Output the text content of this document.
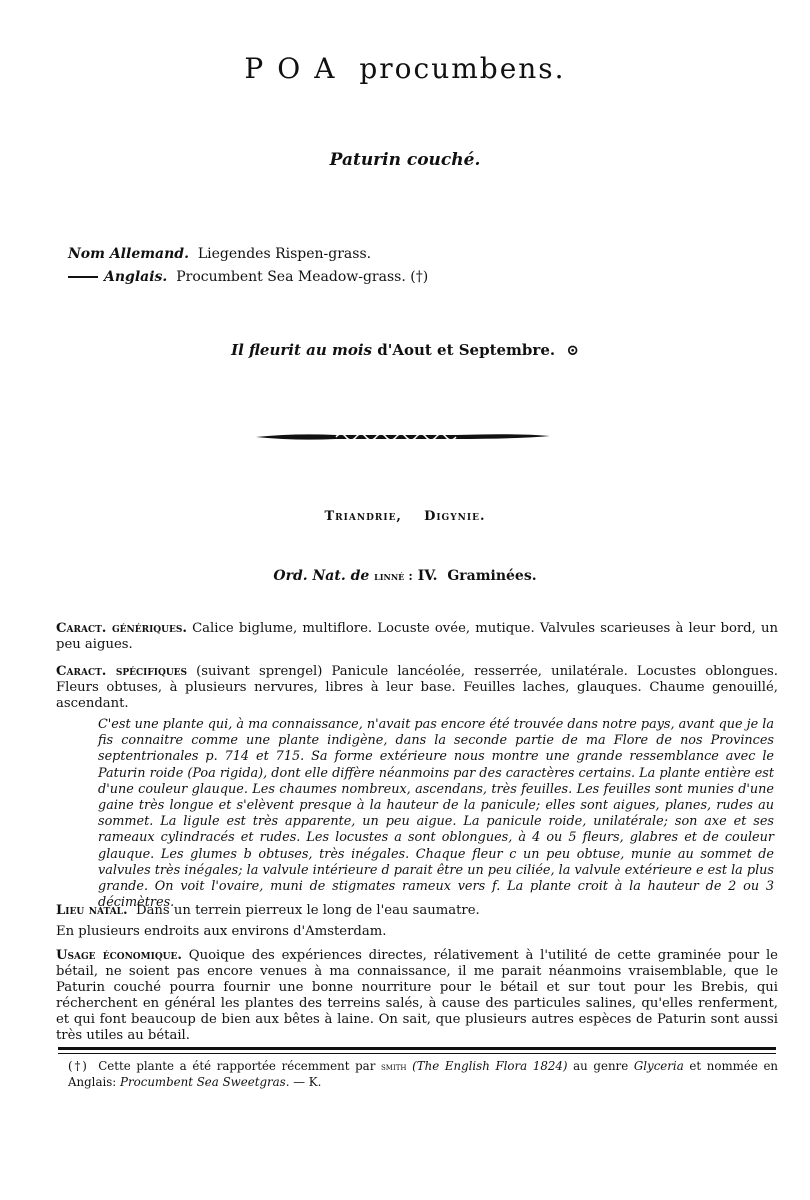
POA procumbens.
Paturin couché.
Nom Allemand. Liegendes Rispen-grass.
Anglais. Procumbent Sea Meadow-grass. (†)
Il fleurit au mois d'Aout et Septembre. ⊙
Triandrie, Digynie.
Ord. Nat. de linné : IV. Graminées.
Caract. génériques. Calice biglume, multiflore. Locuste ovée, mutique. Valvules scarieuses à leur bord, un peu aigues.
Caract. spécifiques (suivant sprengel) Panicule lancéolée, resserrée, unilatérale. Locustes oblongues. Fleurs obtuses, à plusieurs nervures, libres à leur base. Feuilles laches, glauques. Chaume genouillé, ascendant.
C'est une plante qui, à ma connaissance, n'avait pas encore été trouvée dans notre pays, avant que je la fis connaitre comme une plante indigène, dans la seconde partie de ma Flore de nos Provinces septentrionales p. 714 et 715. Sa forme extérieure nous montre une grande ressemblance avec le Paturin roide (Poa rigida), dont elle diffère néanmoins par des caractères certains. La plante entière est d'une couleur glauque. Les chaumes nombreux, ascendans, très feuilles. Les feuilles sont munies d'une gaine très longue et s'elèvent presque à la hauteur de la panicule; elles sont aigues, planes, rudes au sommet. La ligule est très apparente, un peu aigue. La panicule roide, unilatérale; son axe et ses rameaux cylindracés et rudes. Les locustes a sont oblongues, à 4 ou 5 fleurs, glabres et de couleur glauque. Les glumes b obtuses, très inégales. Chaque fleur c un peu obtuse, munie au sommet de valvules très inégales; la valvule intérieure d parait être un peu ciliée, la valvule extérieure e est la plus grande. On voit l'ovaire, muni de stigmates rameux vers f. La plante croit à la hauteur de 2 ou 3 décimètres.
Lieu natal. Dans un terrein pierreux le long de l'eau saumatre.
En plusieurs endroits aux environs d'Amsterdam.
Usage économique. Quoique des expériences directes, rélativement à l'utilité de cette graminée pour le bétail, ne soient pas encore venues à ma connaissance, il me parait néanmoins vraisemblable, que le Paturin couché pourra fournir une bonne nourriture pour le bétail et sur tout pour les Brebis, qui récherchent en général les plantes des terreins salés, à cause des particules salines, qu'elles renferment, et qui font beaucoup de bien aux bêtes à laine. On sait, que plusieurs autres espèces de Paturin sont aussi très utiles au bétail.
(†) Cette plante a été rapportée récemment par smith (The English Flora 1824) au genre Glyceria et nommée en Anglais: Procumbent Sea Sweetgras. — K.
